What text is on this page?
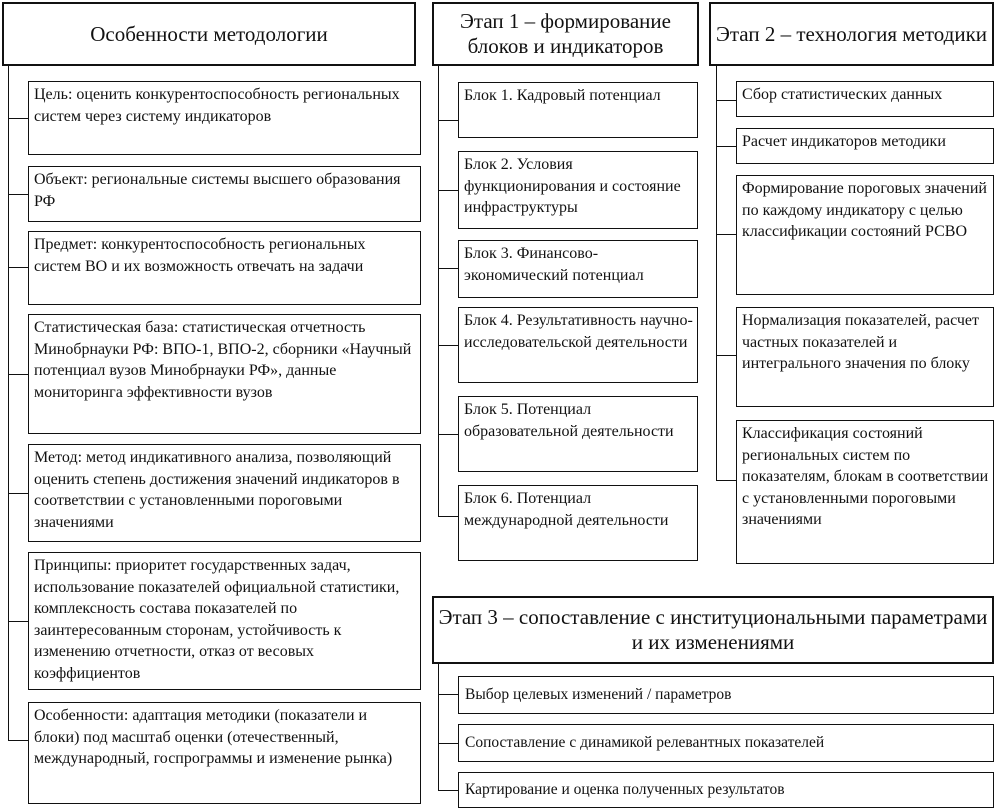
Особенности методологии
Цель: оценить конкурентоспособность региональных систем через систему индикаторов
Объект: региональные системы высшего образования РФ
Предмет: конкурентоспособность региональных систем ВО и их возможность отвечать на задачи
Статистическая база: статистическая отчетность Минобрнауки РФ: ВПО-1, ВПО-2, сборники «Научный потенциал вузов Минобрнауки РФ», данные мониторинга эффективности вузов
Метод: метод индикативного анализа, позволяющий оценить степень достижения значений индикаторов в соответствии с установленными пороговыми значениями
Принципы: приоритет государственных задач, использование показателей официальной статистики, комплексность состава показателей по заинтересованным сторонам, устойчивость к изменению отчетности, отказ от весовых коэффициентов
Особенности: адаптация методики (показатели и блоки) под масштаб оценки (отечественный, международный, госпрограммы и изменение рынка)
Этап 1 – формирование блоков и индикаторов
Блок 1. Кадровый потенциал
Блок 2. Условия функционирования и состояние инфраструктуры
Блок 3. Финансово-экономический потенциал
Блок 4. Результативность научно-исследовательской деятельности
Блок 5. Потенциал образовательной деятельности
Блок 6. Потенциал международной деятельности
Этап 2 – технология методики
Сбор статистических данных
Расчет индикаторов методики
Формирование пороговых значений по каждому индикатору с целью классификации состояний РСВО
Нормализация показателей, расчет частных показателей и интегрального значения по блоку
Классификация состояний региональных систем по показателям, блокам в соответствии с установленными пороговыми значениями
Этап 3 – сопоставление с институциональными параметрами и их изменениями
Выбор целевых изменений / параметров
Сопоставление с динамикой релевантных показателей
Картирование и оценка полученных результатов
